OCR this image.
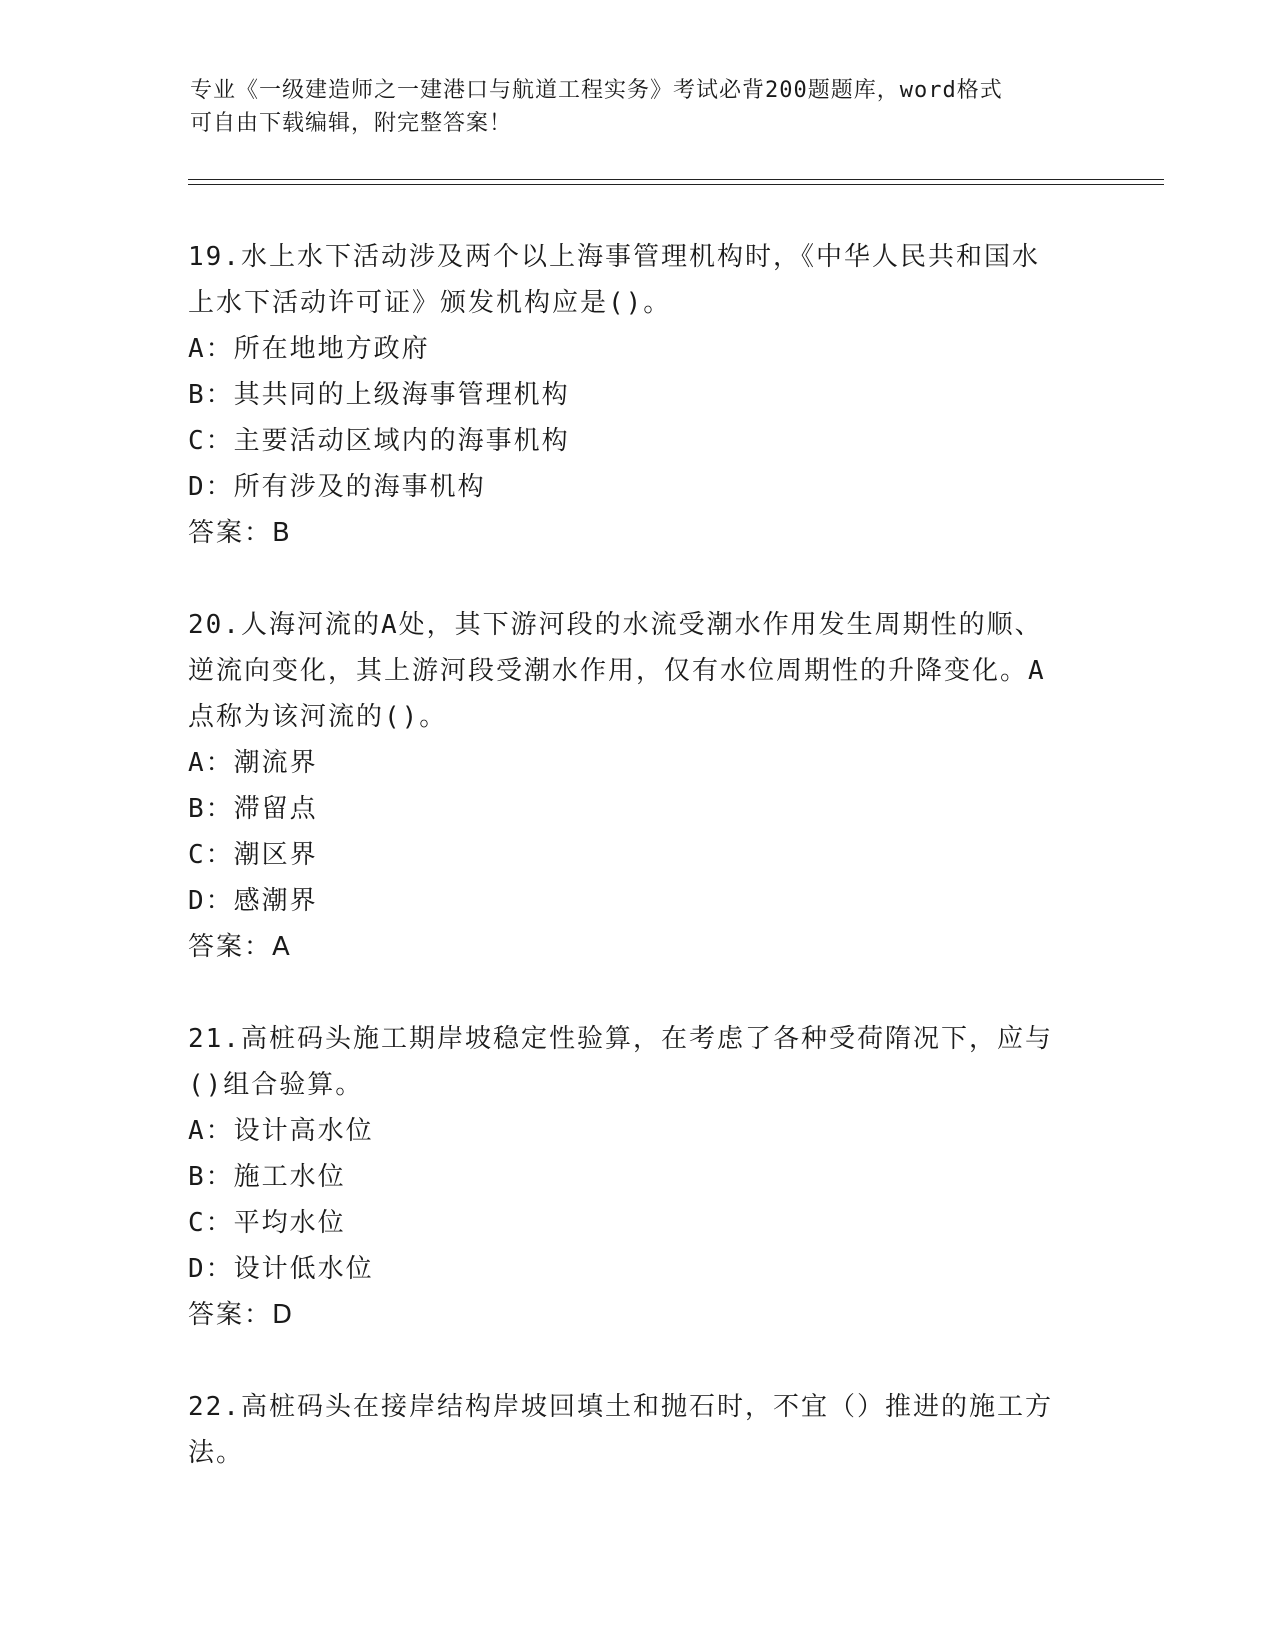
专业《一级建造师之一建港口与航道工程实务》考试必背200题题库，word格式
可自由下载编辑，附完整答案！
19.水上水下活动涉及两个以上海事管理机构时，《中华人民共和国水
上水下活动许可证》颁发机构应是()。
A：所在地地方政府
B：其共同的上级海事管理机构
C：主要活动区域内的海事机构
D：所有涉及的海事机构
答案：B
20.人海河流的A处，其下游河段的水流受潮水作用发生周期性的顺、
逆流向变化，其上游河段受潮水作用，仅有水位周期性的升降变化。A
点称为该河流的()。
A：潮流界
B：滞留点
C：潮区界
D：感潮界
答案：A
21.高桩码头施工期岸坡稳定性验算，在考虑了各种受荷隋况下，应与
()组合验算。
A：设计高水位
B：施工水位
C：平均水位
D：设计低水位
答案：D
22.高桩码头在接岸结构岸坡回填土和抛石时，不宜（）推进的施工方
法。
